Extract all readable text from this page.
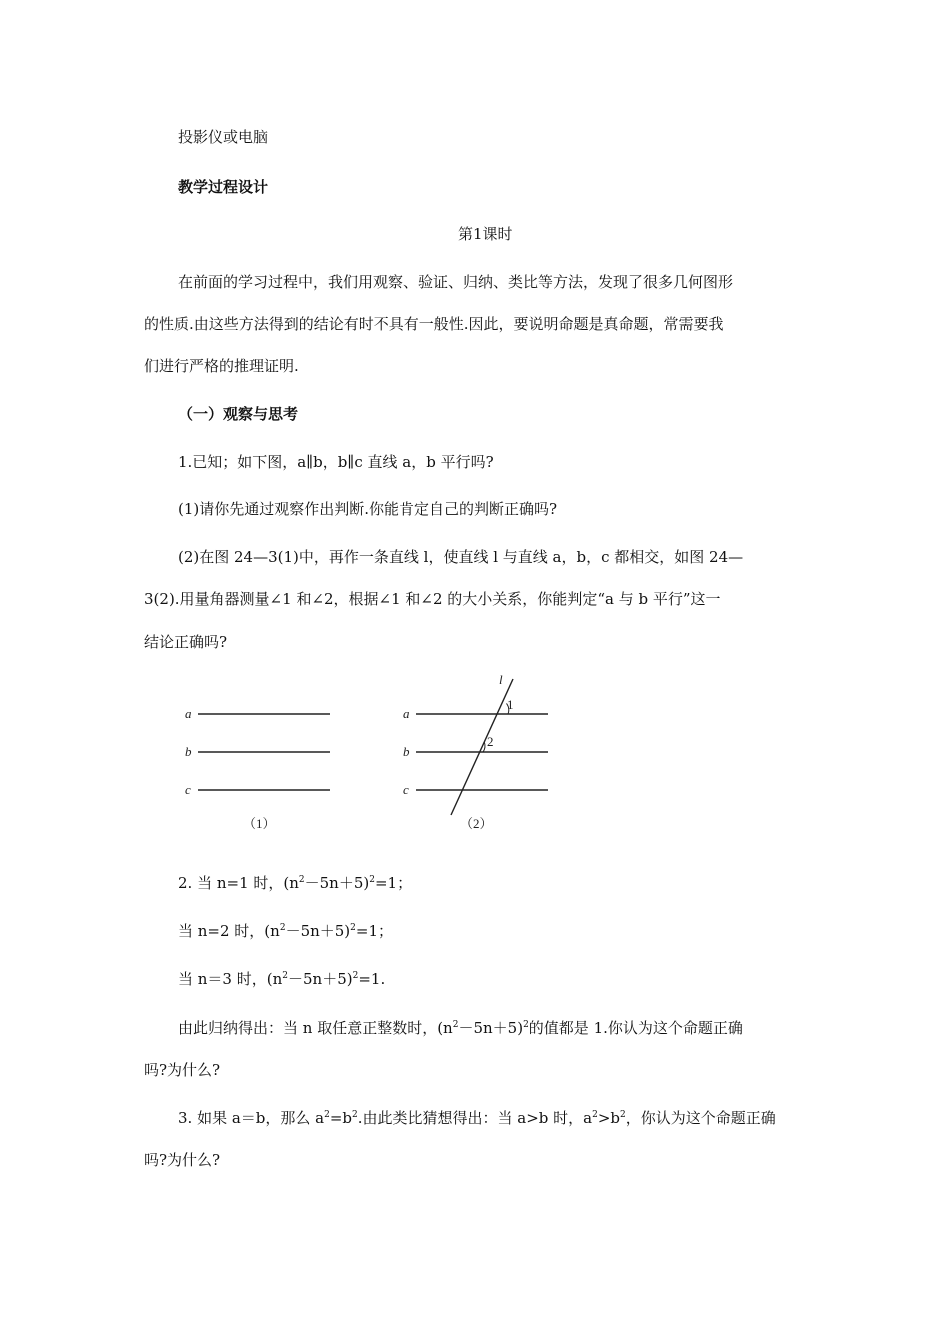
投影仪或电脑
教学过程设计
第1课时
在前面的学习过程中，我们用观察、验证、归纳、类比等方法，发现了很多几何图形
的性质.由这些方法得到的结论有时不具有一般性.因此，要说明命题是真命题，常需要我
们进行严格的推理证明.
（一）观察与思考
1.已知；如下图，a∥b，b∥c 直线 a，b 平行吗?
(1)请你先通过观察作出判断.你能肯定自己的判断正确吗?
(2)在图 24—3(1)中，再作一条直线 l，使直线 l 与直线 a，b，c 都相交，如图 24—
3(2).用量角器测量∠1 和∠2，根据∠1 和∠2 的大小关系，你能判定“a 与 b 平行”这一
结论正确吗?
a
b
c
a
b
c
l
1
2
（1）	（2）
2. 当 n=1 时，$(n^2-5n+5)^2=1$；
当 n=2 时，$(n^2-5n+5)^2=1$；
当 n＝3 时，$(n^2-5n+5)^2=1$.
由此归纳得出：当 n 取任意正整数时，$(n^2-5n+5)^2$的值都是 1.你认为这个命题正确
吗?为什么?
3. 如果 a＝b，那么 $a^2=b^2$.由此类比猜想得出：当 a>b 时，$a^2>b^2$，你认为这个命题正确
吗?为什么?
